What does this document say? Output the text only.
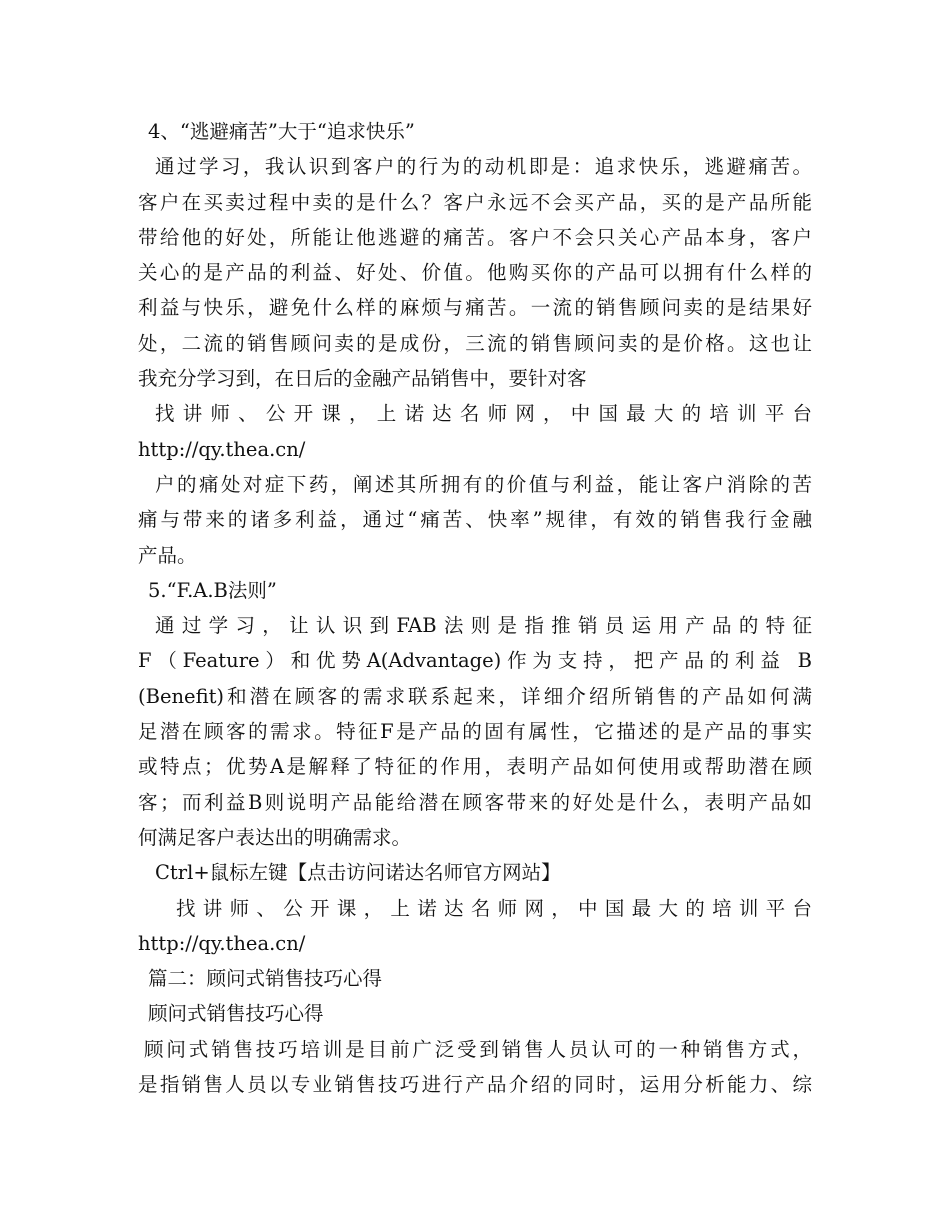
4、“逃避痛苦”大于“追求快乐”
通过学习，我认识到客户的行为的动机即是：追求快乐，逃避痛苦。
客户在买卖过程中卖的是什么？客户永远不会买产品，买的是产品所能
带给他的好处，所能让他逃避的痛苦。客户不会只关心产品本身，客户
关心的是产品的利益、好处、价值。他购买你的产品可以拥有什么样的
利益与快乐，避免什么样的麻烦与痛苦。一流的销售顾问卖的是结果好
处，二流的销售顾问卖的是成份，三流的销售顾问卖的是价格。这也让
我充分学习到，在日后的金融产品销售中，要针对客
找讲师、公开课，上诺达名师网，中国最大的培训平台
http://qy.thea.cn/
户的痛处对症下药，阐述其所拥有的价值与利益，能让客户消除的苦
痛与带来的诸多利益，通过“痛苦、快率”规律，有效的销售我行金融
产品。
5.“F.A.B法则”
通过学习，让认识到FAB法则是指推销员运用产品的特征
F（Feature）和优势A(Advantage)作为支持，把产品的利益 B
(Benefit)和潜在顾客的需求联系起来，详细介绍所销售的产品如何满
足潜在顾客的需求。特征F是产品的固有属性，它描述的是产品的事实
或特点；优势A是解释了特征的作用，表明产品如何使用或帮助潜在顾
客；而利益B则说明产品能给潜在顾客带来的好处是什么，表明产品如
何满足客户表达出的明确需求。
Ctrl+鼠标左键【点击访问诺达名师官方网站】
找讲师、公开课，上诺达名师网，中国最大的培训平台
http://qy.thea.cn/
篇二：顾问式销售技巧心得
顾问式销售技巧心得
顾问式销售技巧培训是目前广泛受到销售人员认可的一种销售方式，
是指销售人员以专业销售技巧进行产品介绍的同时，运用分析能力、综
